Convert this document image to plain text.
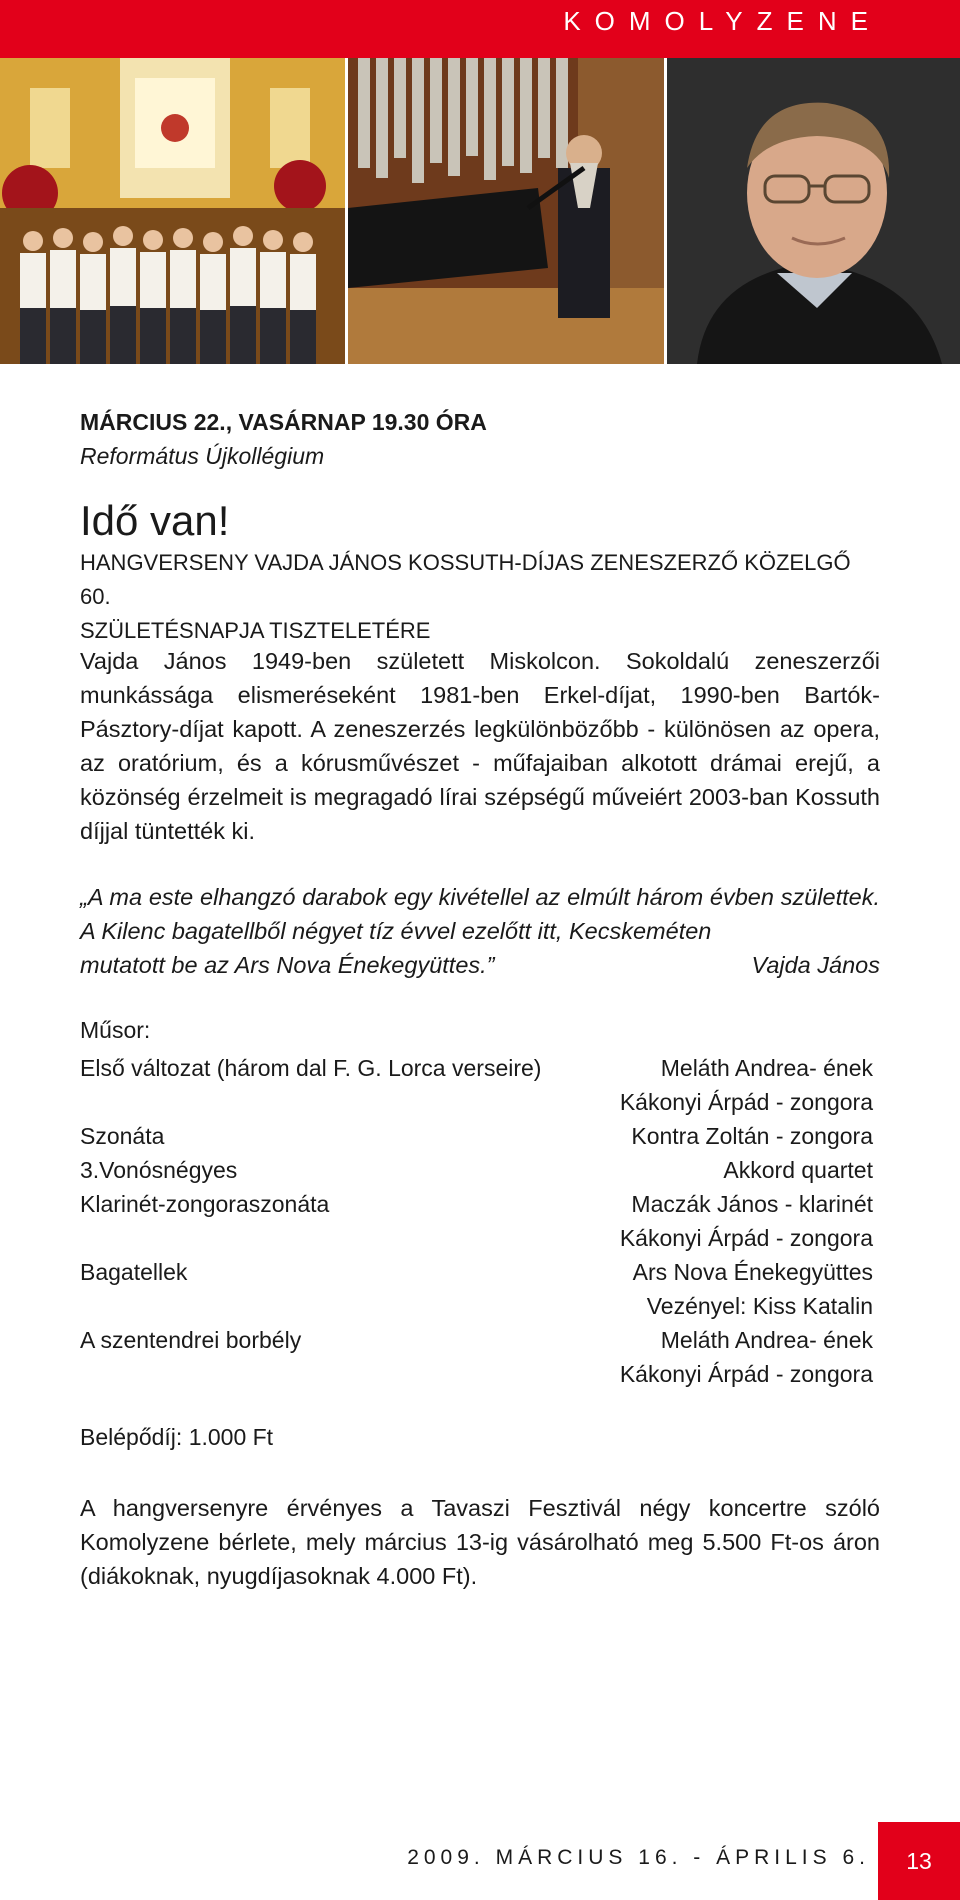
KOMOLYZENE
MÁRCIUS 22., VASÁRNAP 19.30 ÓRA
Református Újkollégium
Idő van!
HANGVERSENY VAJDA JÁNOS KOSSUTH-DÍJAS ZENESZERZŐ KÖZELGŐ 60.
SZÜLETÉSNAPJA TISZTELETÉRE
Vajda János 1949-ben született Miskolcon. Sokoldalú zeneszerzői munkássága elismeréseként 1981-ben Erkel-díjat, 1990-ben Bartók-Pásztory-díjat kapott. A zeneszerzés legkülönbözőbb - különösen az opera, az oratórium, és a kórusművészet - műfajaiban alkotott drámai erejű, a közönség érzelmeit is megragadó lírai szépségű műveiért 2003-ban Kossuth díjjal tüntették ki.
„A ma este elhangzó darabok egy kivétellel az elmúlt három évben születtek. A Kilenc bagatellből négyet tíz évvel ezelőtt itt, Kecskeméten
mutatott be az Ars Nova Énekegyüttes.”	Vajda János
Műsor:
Első változat (három dal F. G. Lorca verseire)	Meláth Andrea- ének
Kákonyi Árpád - zongora
Szonáta	Kontra Zoltán - zongora
3.Vonósnégyes	Akkord quartet
Klarinét-zongoraszonáta	Maczák János - klarinét
Kákonyi Árpád - zongora
Bagatellek	Ars Nova Énekegyüttes
Vezényel: Kiss Katalin
A szentendrei borbély	Meláth Andrea- ének
Kákonyi Árpád - zongora
Belépődíj: 1.000 Ft
A hangversenyre érvényes a Tavaszi Fesztivál négy koncertre szóló Komolyzene bérlete, mely március 13-ig vásárolható meg 5.500 Ft-os áron (diákoknak, nyugdíjasoknak 4.000 Ft).
2009. MÁRCIUS 16. - ÁPRILIS 6.	13
